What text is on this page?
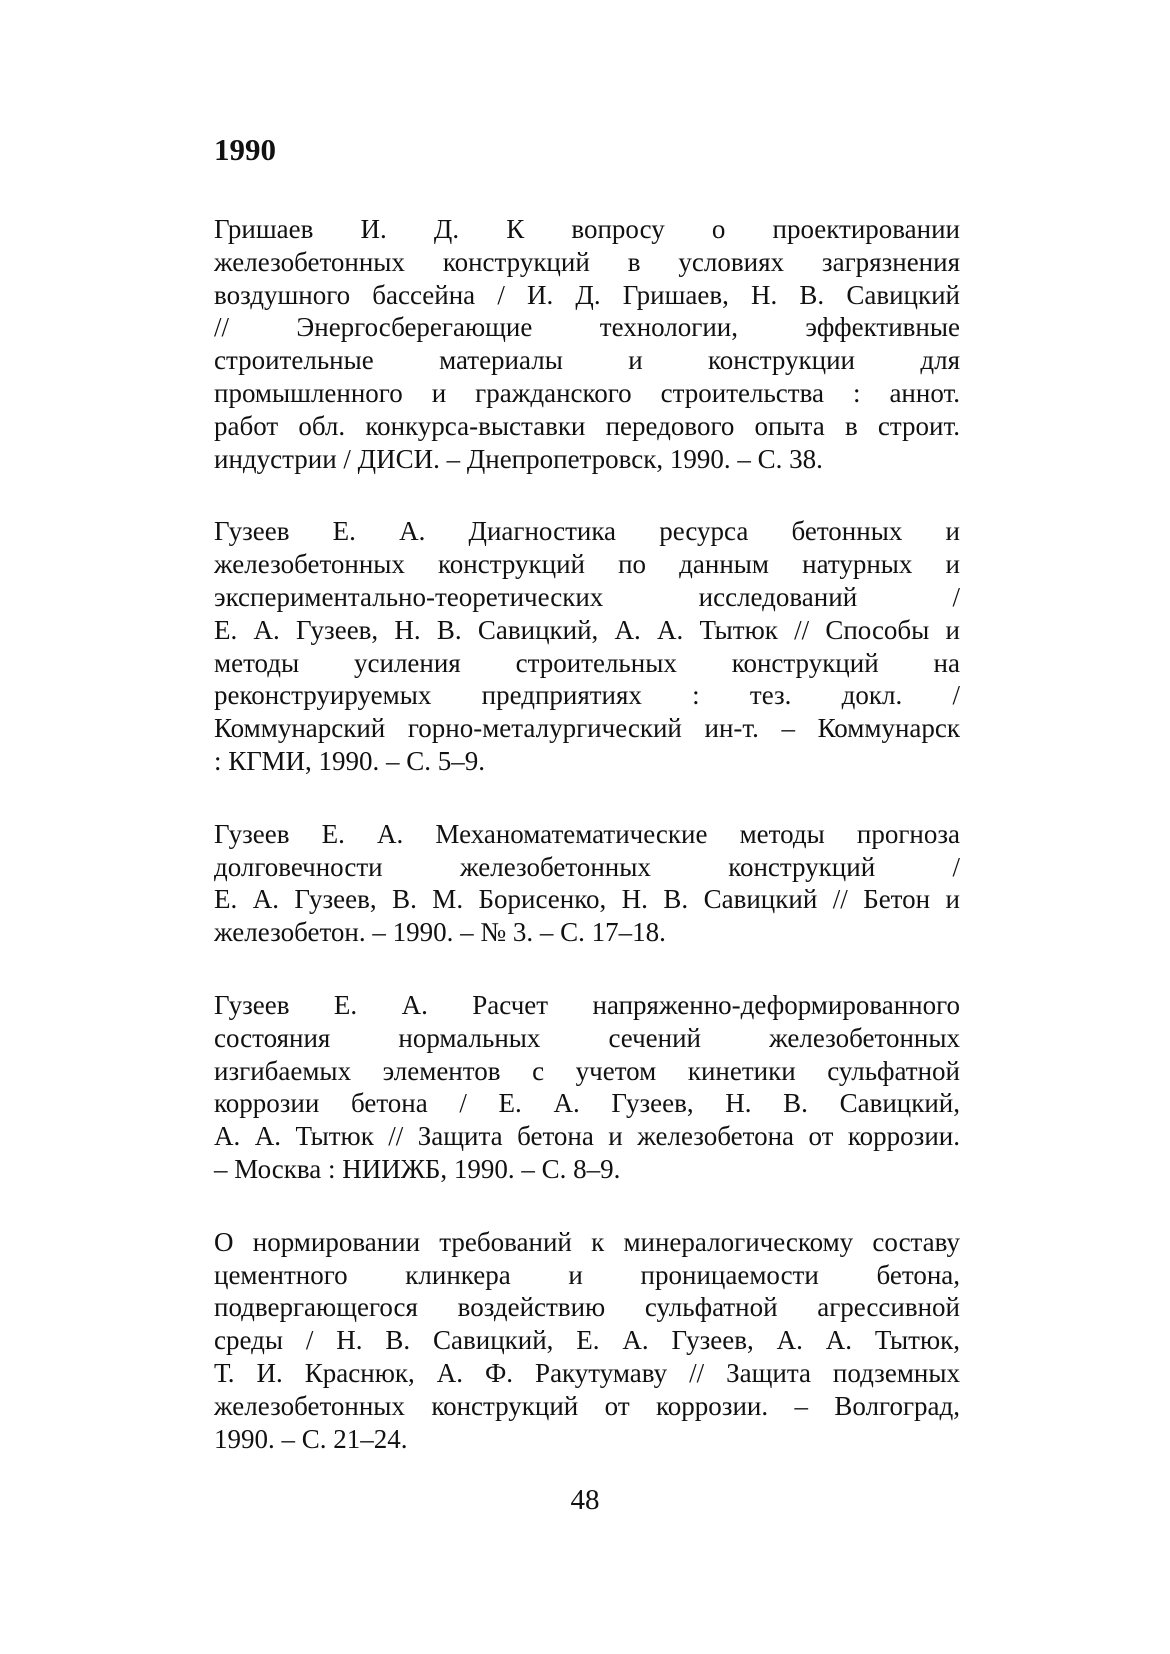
1990
Гришаев И. Д. К вопросу о проектировании
железобетонных конструкций в условиях загрязнения
воздушного бассейна / И. Д. Гришаев, Н. В. Савицкий
// Энергосберегающие технологии, эффективные
строительные материалы и конструкции для
промышленного и гражданского строительства : аннот.
работ обл. конкурса-выставки передового опыта в строит.
индустрии / ДИСИ. – Днепропетровск, 1990. – С. 38.
Гузеев Е. А. Диагностика ресурса бетонных и
железобетонных конструкций по данным натурных и
экспериментально-теоретических исследований /
Е. А. Гузеев, Н. В. Савицкий, А. А. Тытюк // Способы и
методы усиления строительных конструкций на
реконструируемых предприятиях : тез. докл. /
Коммунарский горно-металургический ин-т. – Коммунарск
: КГМИ, 1990. – С. 5–9.
Гузеев Е. А. Механоматематические методы прогноза
долговечности железобетонных конструкций /
Е. А. Гузеев, В. М. Борисенко, Н. В. Савицкий // Бетон и
железобетон. – 1990. – № 3. – С. 17–18.
Гузеев Е. А. Расчет напряженно-деформированного
состояния нормальных сечений железобетонных
изгибаемых элементов с учетом кинетики сульфатной
коррозии бетона / Е. А. Гузеев, Н. В. Савицкий,
А. А. Тытюк // Защита бетона и железобетона от коррозии.
– Москва : НИИЖБ, 1990. – С. 8–9.
О нормировании требований к минералогическому составу
цементного клинкера и проницаемости бетона,
подвергающегося воздействию сульфатной агрессивной
среды / Н. В. Савицкий, Е. А. Гузеев, А. А. Тытюк,
Т. И. Краснюк, А. Ф. Ракутумаву // Защита подземных
железобетонных конструкций от коррозии. – Волгоград,
1990. – С. 21–24.
48
